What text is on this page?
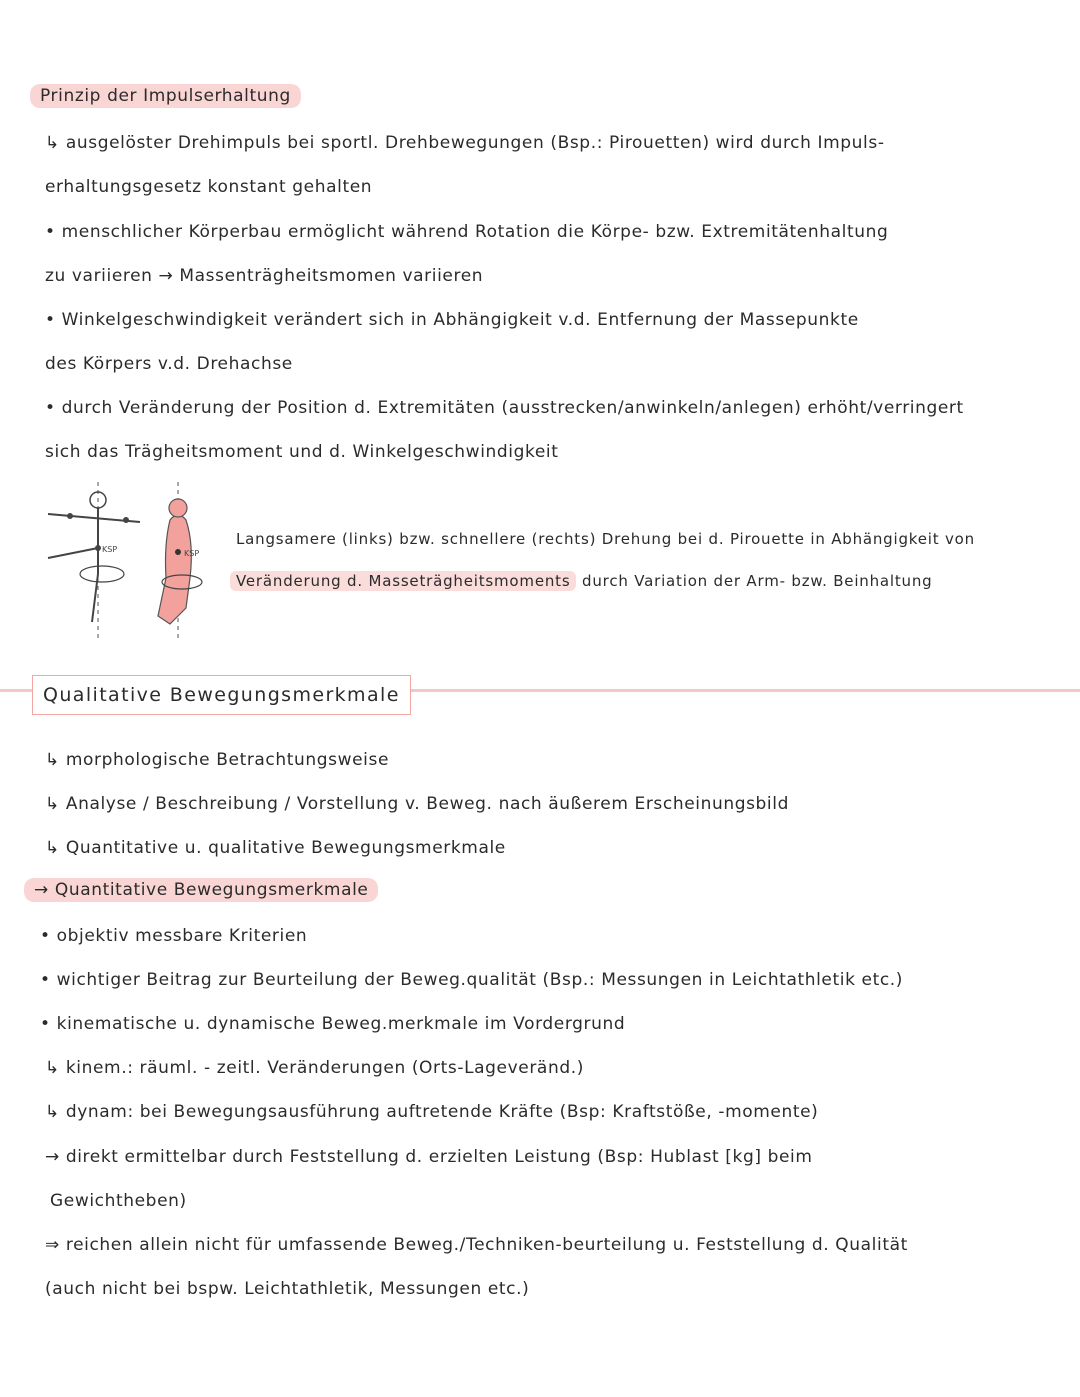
Prinzip der Impulserhaltung
↳ ausgelöster Drehimpuls bei sportl. Drehbewegungen (Bsp.: Pirouetten) wird durch Impuls-
erhaltungsgesetz konstant gehalten
• menschlicher Körperbau ermöglicht während Rotation die Körpe- bzw. Extremitätenhaltung
zu variieren → Massenträgheitsmomen variieren
• Winkelgeschwindigkeit verändert sich in Abhängigkeit v.d. Entfernung der Massepunkte
des Körpers v.d. Drehachse
• durch Veränderung der Position d. Extremitäten (ausstrecken/anwinkeln/anlegen) erhöht/verringert
sich das Trägheitsmoment und d. Winkelgeschwindigkeit
KSP	KSP
Langsamere (links) bzw. schnellere (rechts) Drehung bei d. Pirouette in Abhängigkeit von
Veränderung d. Masseträgheitsmoments durch Variation der Arm- bzw. Beinhaltung
Qualitative Bewegungsmerkmale
↳ morphologische Betrachtungsweise
↳ Analyse / Beschreibung / Vorstellung v. Beweg. nach äußerem Erscheinungsbild
↳ Quantitative u. qualitative Bewegungsmerkmale
→ Quantitative Bewegungsmerkmale
• objektiv messbare Kriterien
• wichtiger Beitrag zur Beurteilung der Beweg.qualität (Bsp.: Messungen in Leichtathletik etc.)
• kinematische u. dynamische Beweg.merkmale im Vordergrund
↳ kinem.: räuml. - zeitl. Veränderungen (Orts-Lageveränd.)
↳ dynam: bei Bewegungsausführung auftretende Kräfte (Bsp: Kraftstöße, -momente)
→ direkt ermittelbar durch Feststellung d. erzielten Leistung (Bsp: Hublast [kg] beim
Gewichtheben)
⇒ reichen allein nicht für umfassende Beweg./Techniken-beurteilung u. Feststellung d. Qualität
(auch nicht bei bspw. Leichtathletik, Messungen etc.)
